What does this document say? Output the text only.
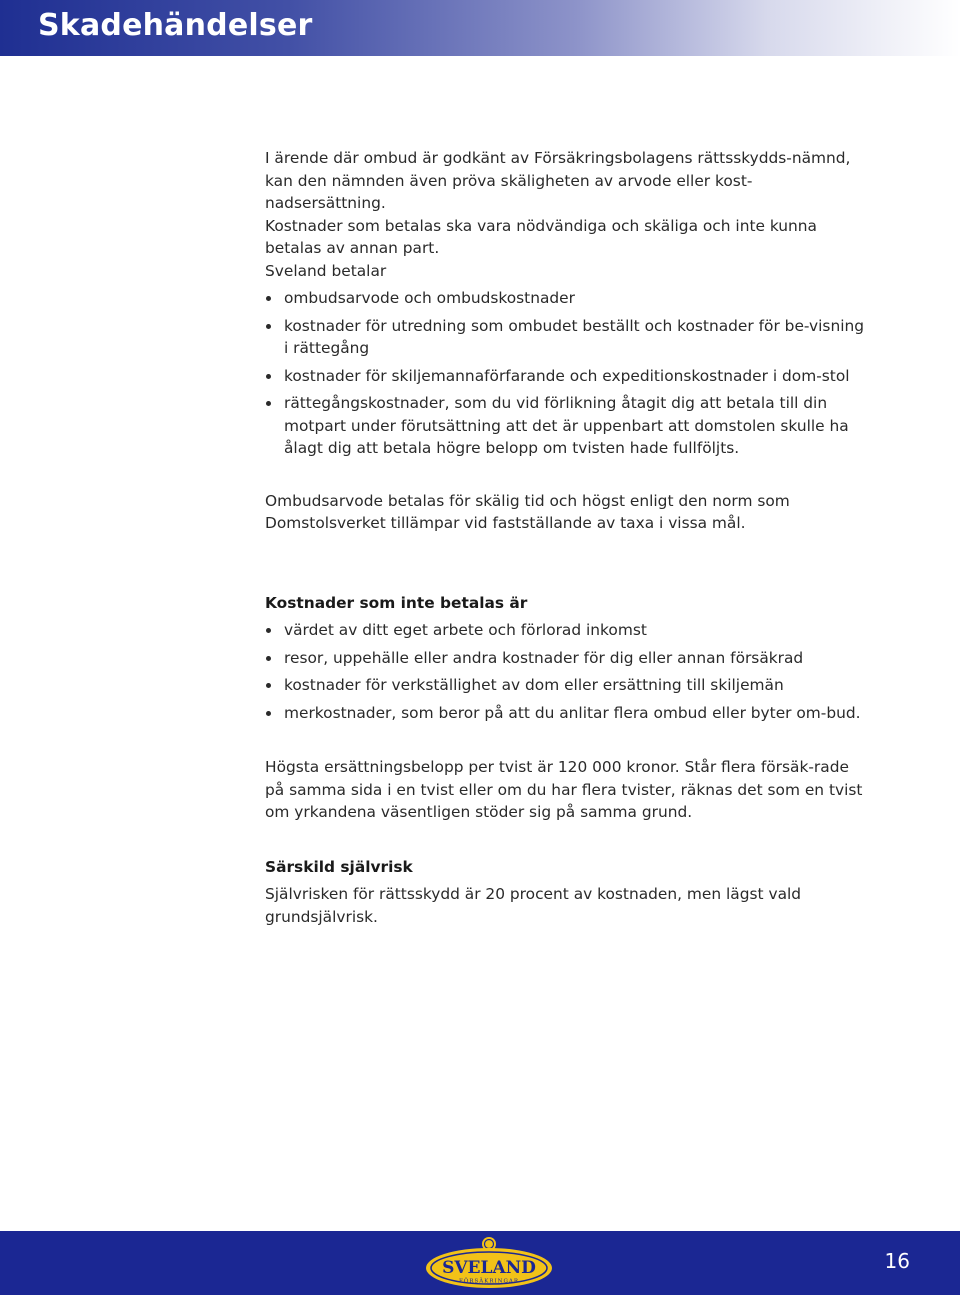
Skadehändelser

I ärende där ombud är godkänt av Försäkringsbolagens rättsskydds-nämnd, kan den nämnden även pröva skäligheten av arvode eller kost-nadsersättning.

Kostnader som betalas ska vara nödvändiga och skäliga och inte kunna betalas av annan part.

Sveland betalar

ombudsarvode och ombudskostnader
kostnader för utredning som ombudet beställt och kostnader för be-visning i rättegång
kostnader för skiljemannaförfarande och expeditionskostnader i dom-stol
rättegångskostnader, som du vid förlikning åtagit dig att betala till din motpart under förutsättning att det är uppenbart att domstolen skulle ha ålagt dig att betala högre belopp om tvisten hade fullföljts.

Ombudsarvode betalas för skälig tid och högst enligt den norm som Domstolsverket tillämpar vid fastställande av taxa i vissa mål.

Kostnader som inte betalas är

värdet av ditt eget arbete och förlorad inkomst
resor, uppehälle eller andra kostnader för dig eller annan försäkrad
kostnader för verkställighet av dom eller ersättning till skiljemän
merkostnader, som beror på att du anlitar flera ombud eller byter om-bud.

Högsta ersättningsbelopp per tvist är 120 000 kronor. Står flera försäk-rade på samma sida i en tvist eller om du har flera tvister, räknas det som en tvist om yrkandena väsentligen stöder sig på samma grund.

Särskild självrisk

Självrisken för rättsskydd är 20 procent av kostnaden, men lägst vald grundsjälvrisk.

SVELAND
FÖRSÄKRINGAR
16
